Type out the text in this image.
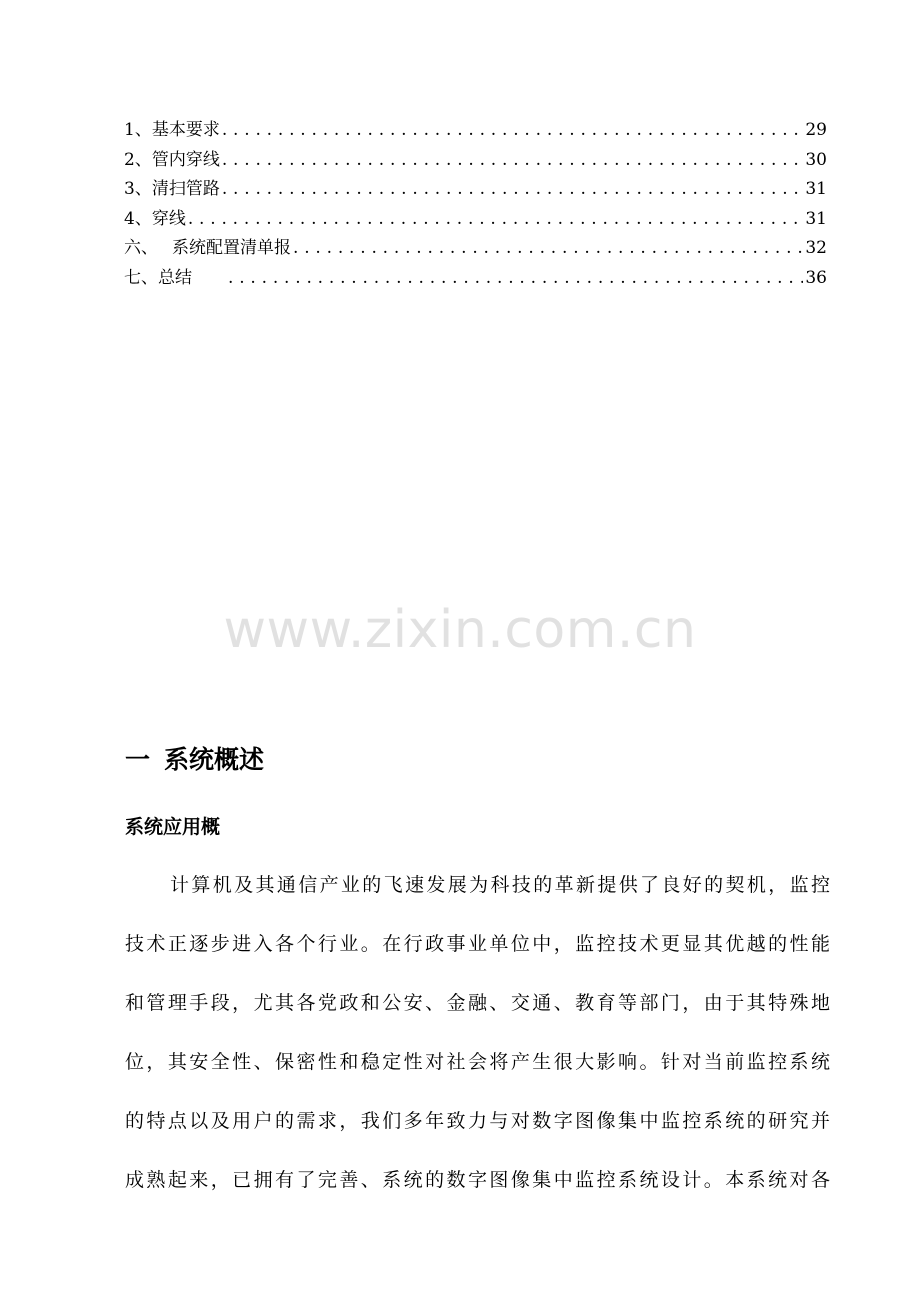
1、 基本要求 . . .	29
2、 管内穿线 . . .	30
3、 清扫管路 . . .	31
4、 穿线 . . .	31
六、 系统配置清单报 . . .	32
七、 总结 . . .	36
www.zixin.com.cn
一 系统概述
系统应用概
计算机及其通信产业的飞速发展为科技的革新提供了良好的契机，监控
技术正逐步进入各个行业。在行政事业单位中，监控技术更显其优越的性能
和管理手段，尤其各党政和公安、金融、交通、教育等部门，由于其特殊地
位，其安全性、保密性和稳定性对社会将产生很大影响。针对当前监控系统
的特点以及用户的需求，我们多年致力与对数字图像集中监控系统的研究并
成熟起来，已拥有了完善、系统的数字图像集中监控系统设计。本系统对各
